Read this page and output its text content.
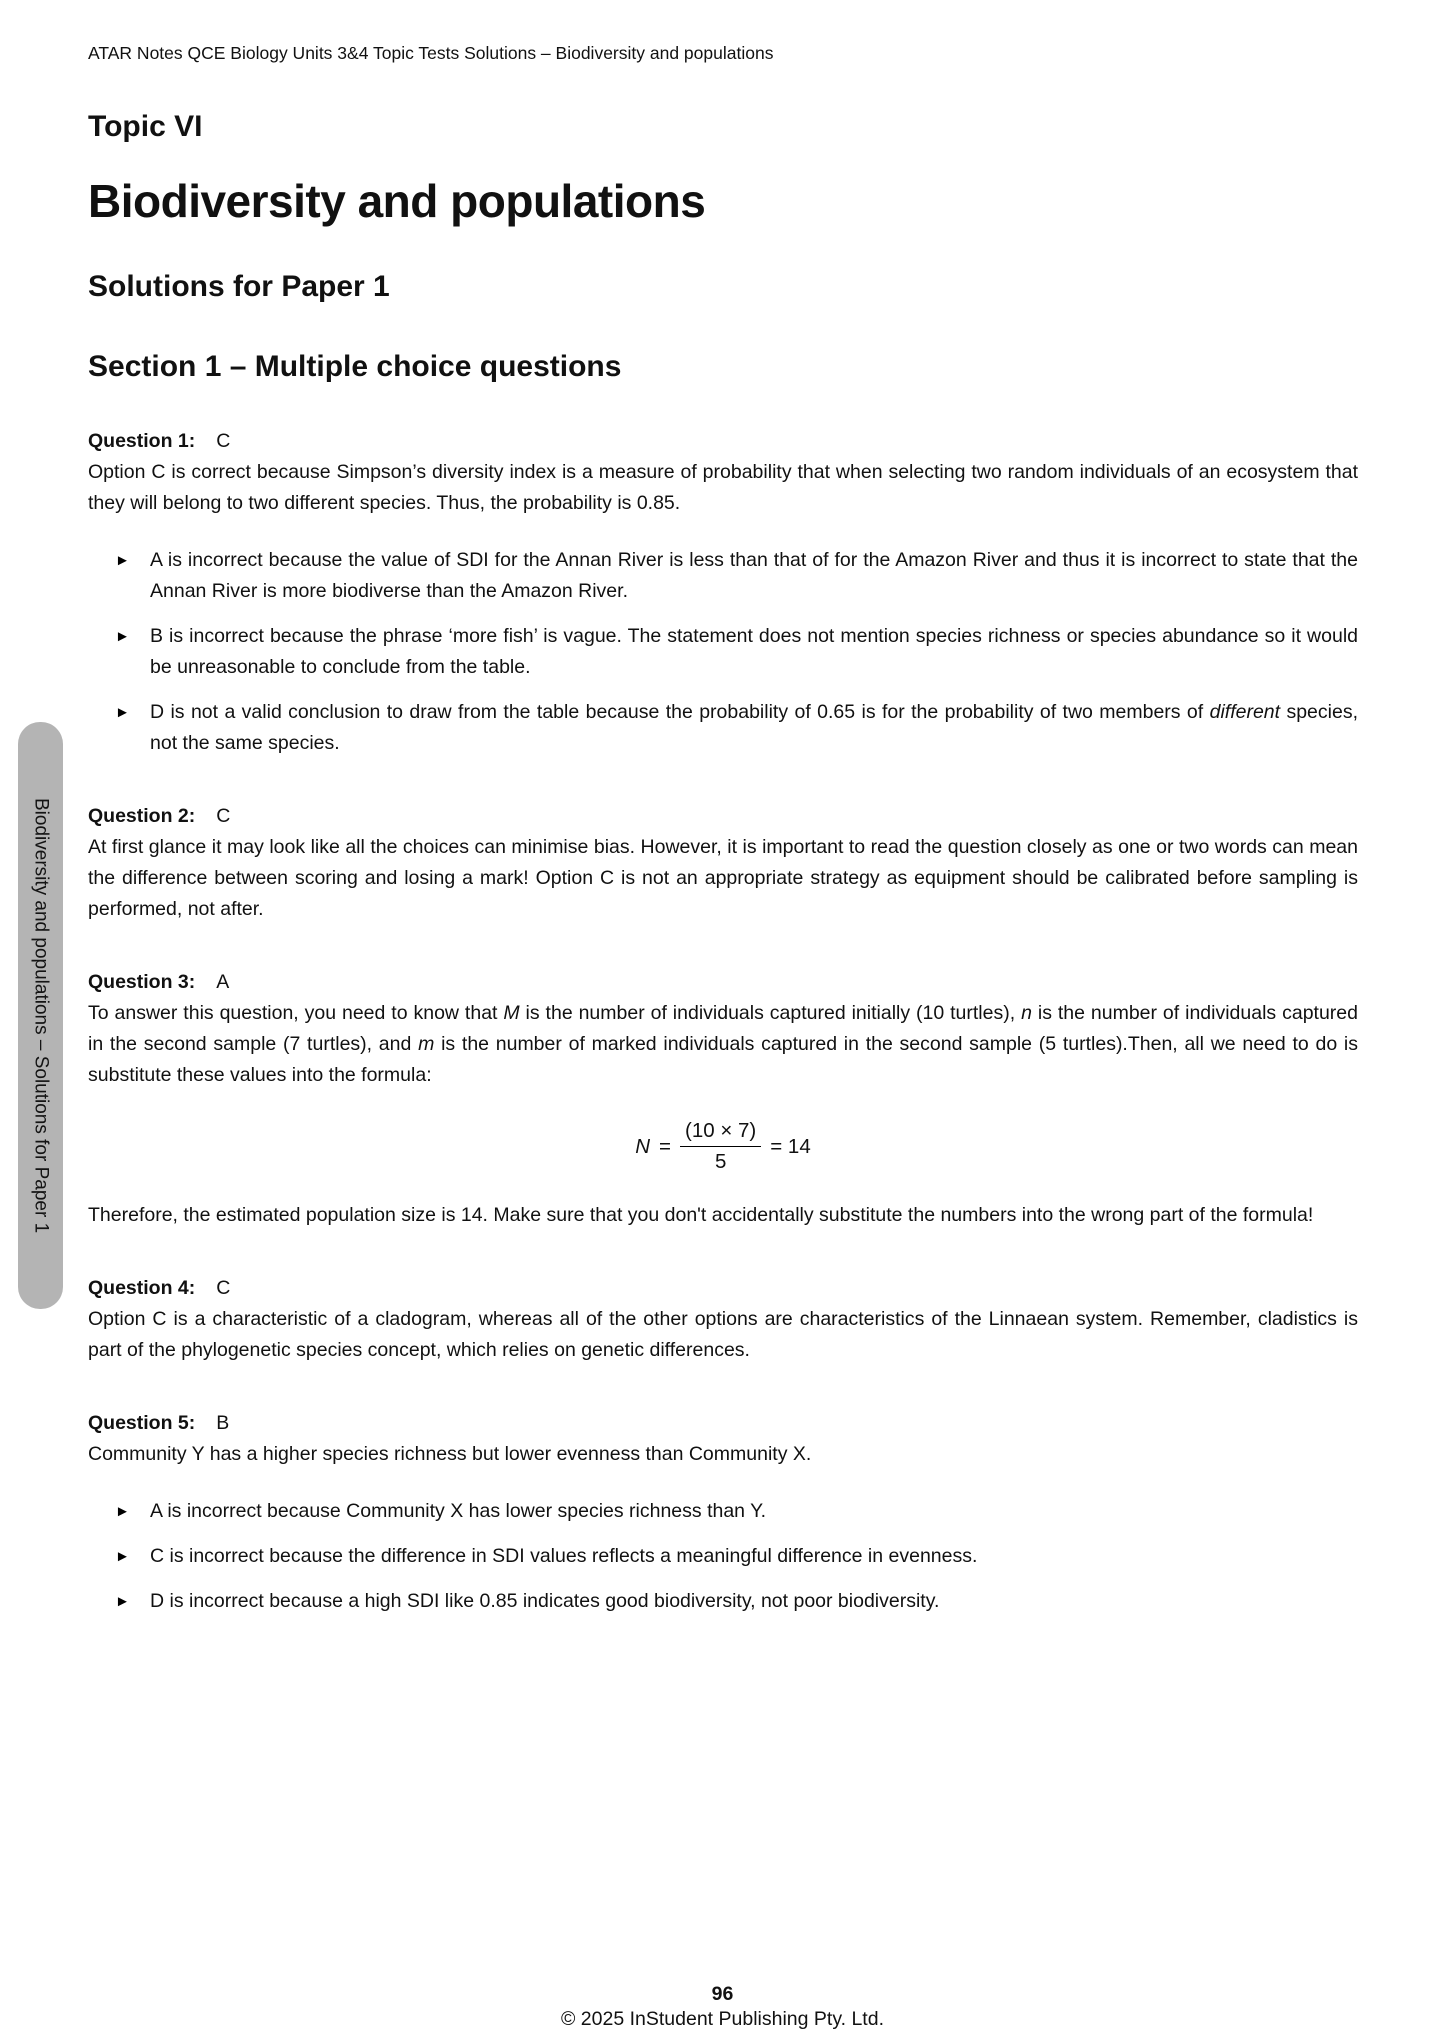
ATAR Notes QCE Biology Units 3&4 Topic Tests Solutions – Biodiversity and populations
Topic VI
Biodiversity and populations
Solutions for Paper 1
Section 1 – Multiple choice questions
Question 1: C

Option C is correct because Simpson’s diversity index is a measure of probability that when selecting two random individuals of an ecosystem that they will belong to two different species. Thus, the probability is 0.85.

►	A is incorrect because the value of SDI for the Annan River is less than that of for the Amazon River and thus it is incorrect to state that the Annan River is more biodiverse than the Amazon River.
►	B is incorrect because the phrase ‘more fish’ is vague. The statement does not mention species richness or species abundance so it would be unreasonable to conclude from the table.
►	D is not a valid conclusion to draw from the table because the probability of 0.65 is for the probability of two members of different species, not the same species.
Question 2: C

At first glance it may look like all the choices can minimise bias. However, it is important to read the question closely as one or two words can mean the difference between scoring and losing a mark! Option C is not an appropriate strategy as equipment should be calibrated before sampling is performed, not after.

Question 3: A

To answer this question, you need to know that M is the number of individuals captured initially (10 turtles), n is the number of individuals captured in the second sample (7 turtles), and m is the number of marked individuals captured in the second sample (5 turtles).Then, all we need to do is substitute these values into the formula:

$N = \frac{(10 \times 7)}{5} = 14$

Therefore, the estimated population size is 14. Make sure that you don't accidentally substitute the numbers into the wrong part of the formula!

Question 4: C

Option C is a characteristic of a cladogram, whereas all of the other options are characteristics of the Linnaean system. Remember, cladistics is part of the phylogenetic species concept, which relies on genetic differences.

Question 5: B

Community Y has a higher species richness but lower evenness than Community X.

►	A is incorrect because Community X has lower species richness than Y.
►	C is incorrect because the difference in SDI values reflects a meaningful difference in evenness.
►	D is incorrect because a high SDI like 0.85 indicates good biodiversity, not poor biodiversity.
Biodiversity and populations – Solutions for Paper 1
96
© 2025 InStudent Publishing Pty. Ltd.
